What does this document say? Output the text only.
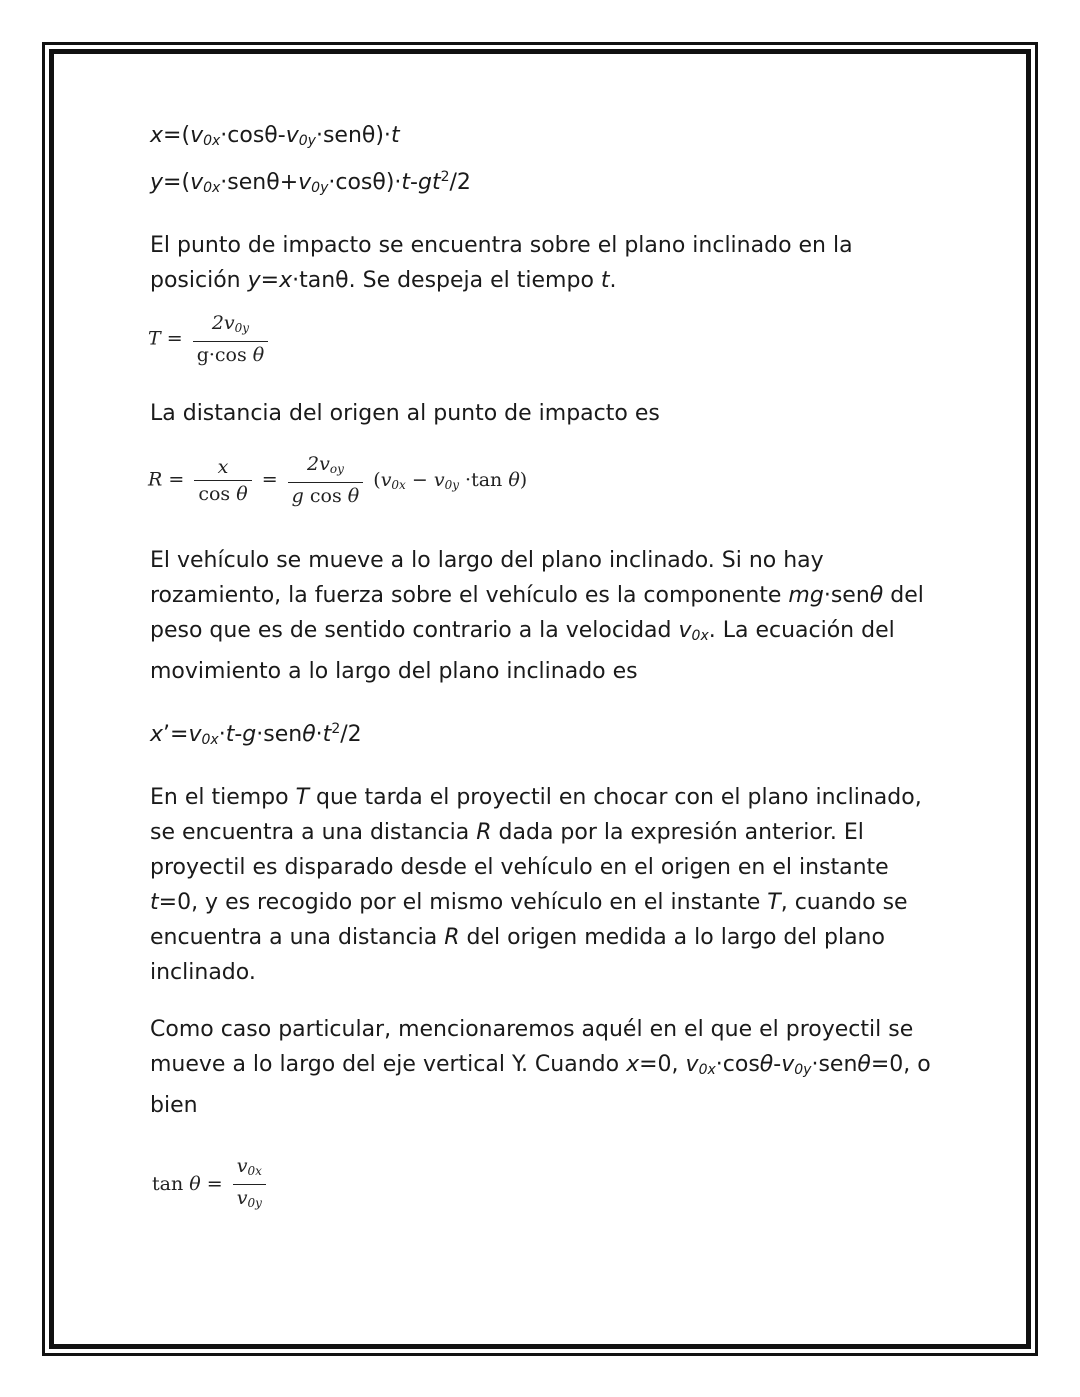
$x=(v_{0x}\cdot\cos\theta-v_{0y}\cdot sen\theta)\cdot t$

$y=(v_{0x}\cdot sen\theta+v_{0y}\cdot\cos\theta)\cdot t-gt^2/2$

El punto de impacto se encuentra sobre el plano inclinado en la posición y=x·tanθ. Se despeja el tiempo t.

$T = \frac{2v0y}{\text{g·cos θ}}$

La distancia del origen al punto de impacto es

$R = \frac{x}{\text{cos θ}} = \frac{\text{2voy}}{\text{g cos θ}} (v0x - v0y \cdot\tan$ θ)

El vehículo se mueve a lo largo del plano inclinado. Si no hay rozamiento, la fuerza sobre el vehículo es la componente mg·senθ del peso que es de sentido contrario a la velocidad $v_{0x}$. La ecuación del movimiento a lo largo del plano inclinado es

$x’=v_{0x}\cdot t-g\cdot sen\theta\cdot t^2/2$

En el tiempo T que tarda el proyectil en chocar con el plano inclinado, se encuentra a una distancia R dada por la expresión anterior. El proyectil es disparado desde el vehículo en el origen en el instante t=0, y es recogido por el mismo vehículo en el instante T, cuando se encuentra a una distancia R del origen medida a lo largo del plano inclinado.

Como caso particular, mencionaremos aquél en el que el proyectil se mueve a lo largo del eje vertical Y. Cuando x=0, $v_{0x}\cdot\cos\theta-v_{0y}\cdot sen\theta=0$, o bien

$\tan \theta = \frac{v0x}{v0y}$
